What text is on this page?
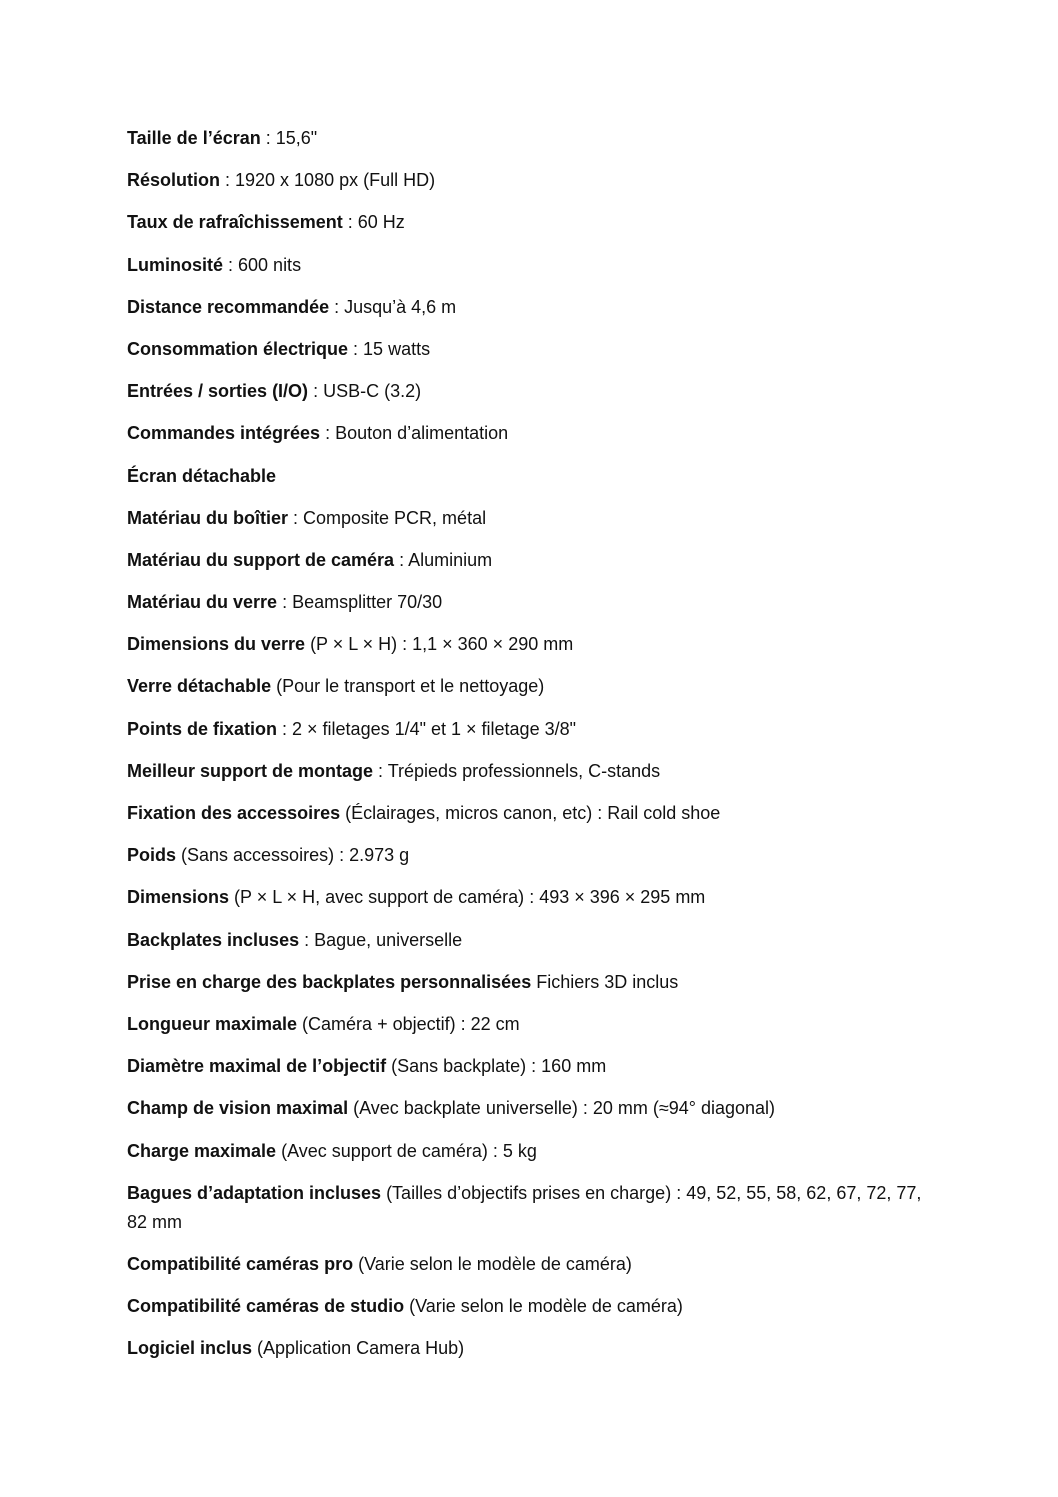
Taille de l’écran : 15,6"
Résolution : 1920 x 1080 px (Full HD)
Taux de rafraîchissement : 60 Hz
Luminosité : 600 nits
Distance recommandée : Jusqu’à 4,6 m
Consommation électrique : 15 watts
Entrées / sorties (I/O) : USB-C (3.2)
Commandes intégrées : Bouton d’alimentation
Écran détachable
Matériau du boîtier : Composite PCR, métal
Matériau du support de caméra : Aluminium
Matériau du verre : Beamsplitter 70/30
Dimensions du verre (P × L × H) : 1,1 × 360 × 290 mm
Verre détachable (Pour le transport et le nettoyage)
Points de fixation : 2 × filetages 1/4" et 1 × filetage 3/8"
Meilleur support de montage : Trépieds professionnels, C-stands
Fixation des accessoires (Éclairages, micros canon, etc) : Rail cold shoe
Poids (Sans accessoires) : 2.973 g
Dimensions (P × L × H, avec support de caméra) : 493 × 396 × 295 mm
Backplates incluses : Bague, universelle
Prise en charge des backplates personnalisées Fichiers 3D inclus
Longueur maximale (Caméra + objectif) : 22 cm
Diamètre maximal de l’objectif (Sans backplate) : 160 mm
Champ de vision maximal (Avec backplate universelle) : 20 mm (≈94° diagonal)
Charge maximale (Avec support de caméra) : 5 kg
Bagues d’adaptation incluses (Tailles d’objectifs prises en charge) : 49, 52, 55, 58, 62, 67, 72, 77, 82 mm
Compatibilité caméras pro (Varie selon le modèle de caméra)
Compatibilité caméras de studio (Varie selon le modèle de caméra)
Logiciel inclus (Application Camera Hub)
